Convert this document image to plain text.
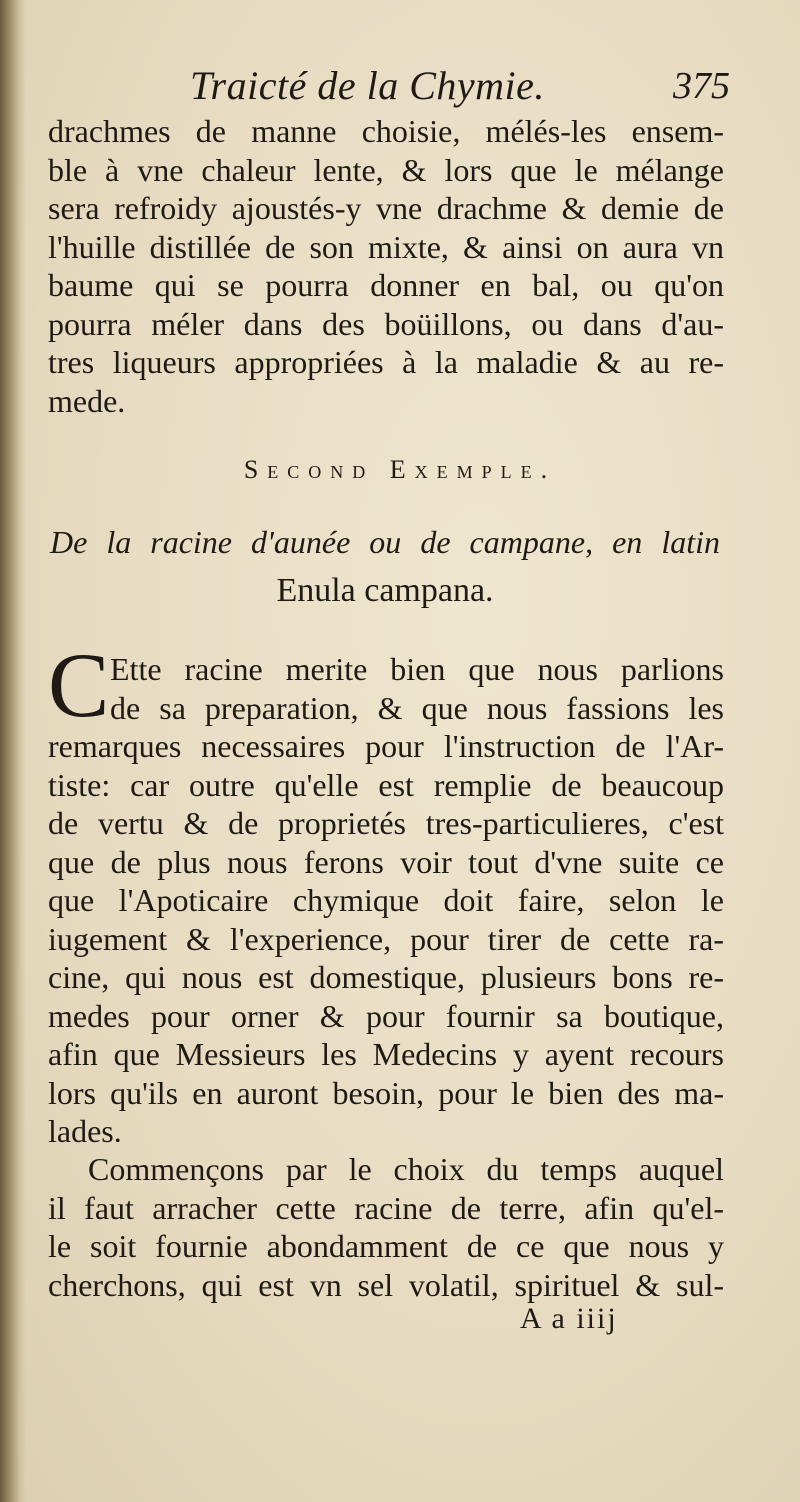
Traicté de la Chymie.	375
drachmes de manne choisie, mélés-les ensem-
ble à vne chaleur lente, & lors que le mélange
sera refroidy ajoustés-y vne drachme & demie de
l'huille distillée de son mixte, & ainsi on aura vn
baume qui se pourra donner en bal, ou qu'on
pourra méler dans des boüillons, ou dans d'au-
tres liqueurs appropriées à la maladie & au re-
mede.
Second Exemple.
De la racine d'aunée ou de campane, en latin
Enula campana.
C Ette racine merite bien que nous parlions
de sa preparation, & que nous fassions les
remarques necessaires pour l'instruction de l'Ar-
tiste: car outre qu'elle est remplie de beaucoup
de vertu & de proprietés tres-particulieres, c'est
que de plus nous ferons voir tout d'vne suite ce
que l'Apoticaire chymique doit faire, selon le
iugement & l'experience, pour tirer de cette ra-
cine, qui nous est domestique, plusieurs bons re-
medes pour orner & pour fournir sa boutique,
afin que Messieurs les Medecins y ayent recours
lors qu'ils en auront besoin, pour le bien des ma-
lades.
Commençons par le choix du temps auquel
il faut arracher cette racine de terre, afin qu'el-
le soit fournie abondamment de ce que nous y
cherchons, qui est vn sel volatil, spirituel & sul-
A a iiij
